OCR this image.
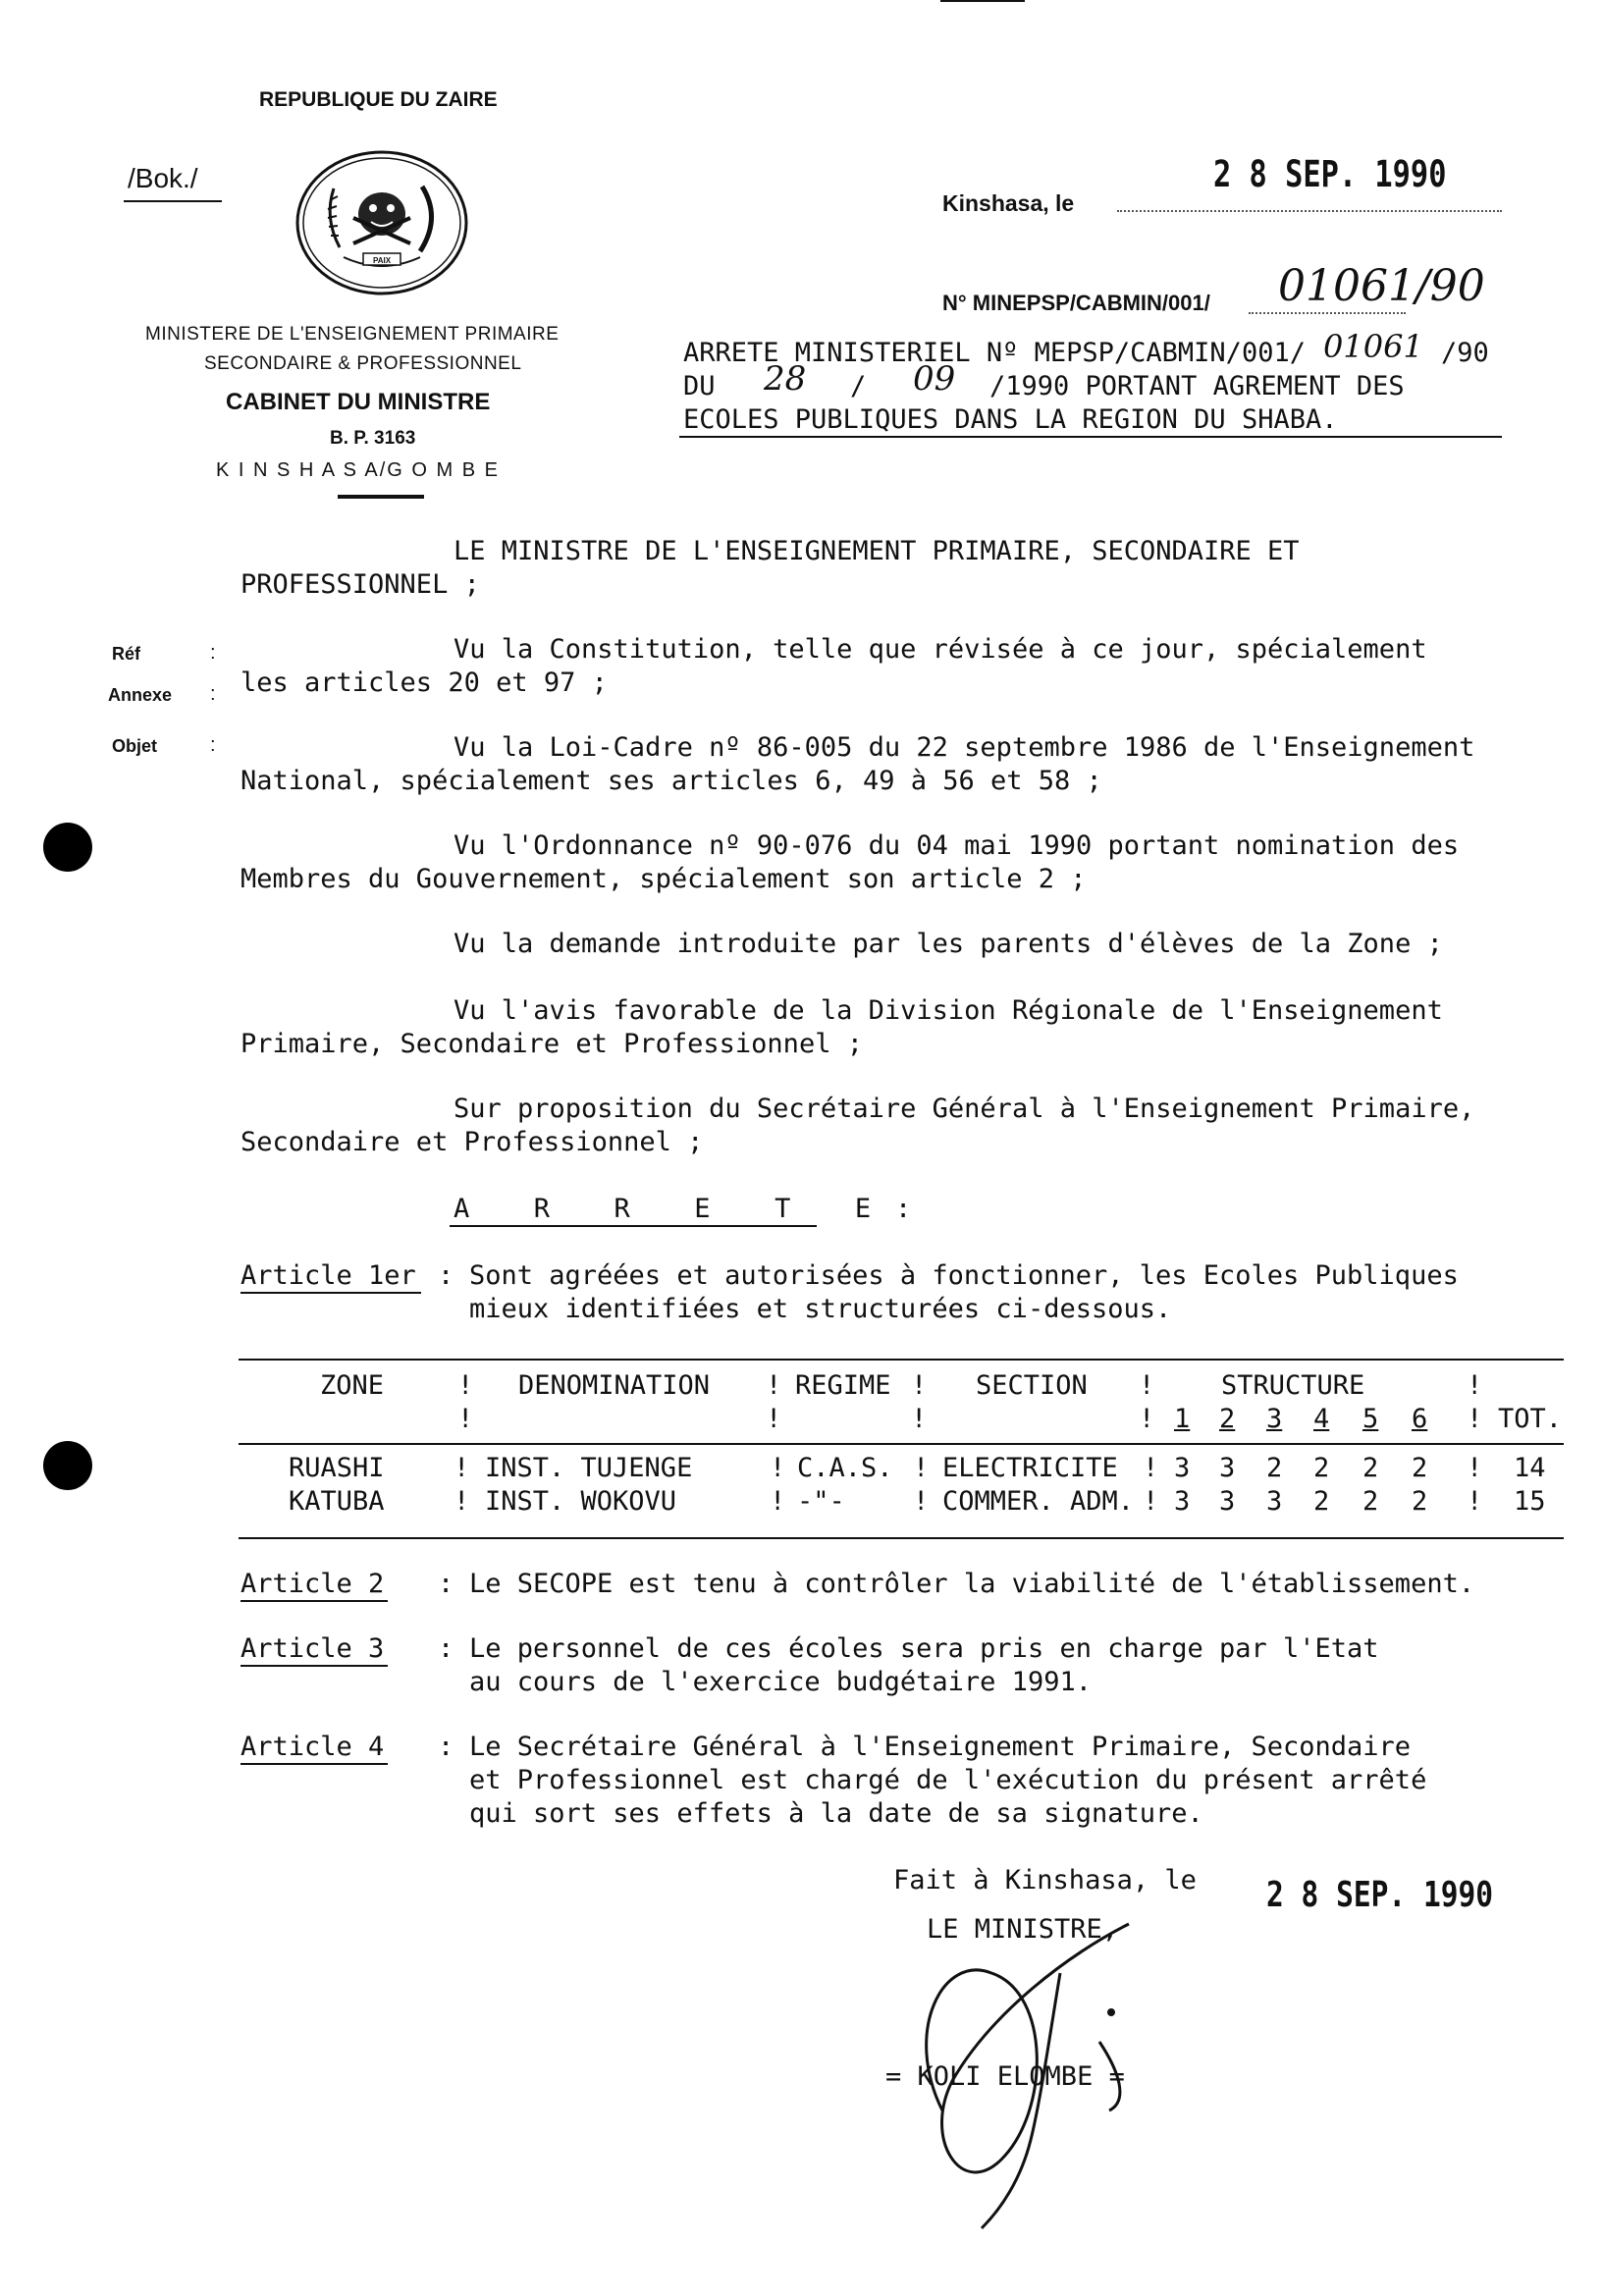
REPUBLIQUE DU ZAIRE
/Bok./
PAIX
MINISTERE DE L'ENSEIGNEMENT PRIMAIRE
SECONDAIRE & PROFESSIONNEL
CABINET DU MINISTRE
B. P. 3163
K I N S H A S A/G O M B E
Kinshasa, le
2 8 SEP. 1990
N° MINEPSP/CABMIN/001/ 01061/90
ARRETE MINISTERIEL Nº MEPSP/CABMIN/001/ 01061 /90
DU 28 / 09 /1990 PORTANT AGREMENT DES
ECOLES PUBLIQUES DANS LA REGION DU SHABA.
LE MINISTRE DE L'ENSEIGNEMENT PRIMAIRE, SECONDAIRE ET
PROFESSIONNEL ;
Réf	:
Annexe :
Objet	:
Vu la Constitution, telle que révisée à ce jour, spécialement
les articles 20 et 97 ;
Vu la Loi-Cadre nº 86-005 du 22 septembre 1986 de l'Enseignement
National, spécialement ses articles 6, 49 à 56 et 58 ;
Vu l'Ordonnance nº 90-076 du 04 mai 1990 portant nomination des
Membres du Gouvernement, spécialement son article 2 ;
Vu la demande introduite par les parents d'élèves de la Zone ;
Vu l'avis favorable de la Division Régionale de l'Enseignement
Primaire, Secondaire et Professionnel ;
Sur proposition du Secrétaire Général à l'Enseignement Primaire,
Secondaire et Professionnel ;
A  R  R  E  T  E :
Article 1er : Sont agréées et autorisées à fonctionner, les Ecoles Publiques
mieux identifiées et structurées ci-dessous.
ZONE	DENOMINATION	REGIME	SECTION	STRUCTURE
!	!	!	!	!
!	!	!	! 1 2 3 4 5 6 ! TOT.
RUASHI	! INST. TUJENGE	! C.A.S. ! ELECTRICITE ! 3 3 2 2 2 2 ! 14
KATUBA	! INST. WOKOVU	! -"-	! COMMER. ADM. ! 3 3 3 2 2 2 ! 15
Article 2 : Le SECOPE est tenu à contrôler la viabilité de l'établissement.
Article 3 : Le personnel de ces écoles sera pris en charge par l'Etat
au cours de l'exercice budgétaire 1991.
Article 4 : Le Secrétaire Général à l'Enseignement Primaire, Secondaire
et Professionnel est chargé de l'exécution du présent arrêté
qui sort ses effets à la date de sa signature.
Fait à Kinshasa, le 2 8 SEP. 1990
LE MINISTRE,
= KOLI ELOMBE =
